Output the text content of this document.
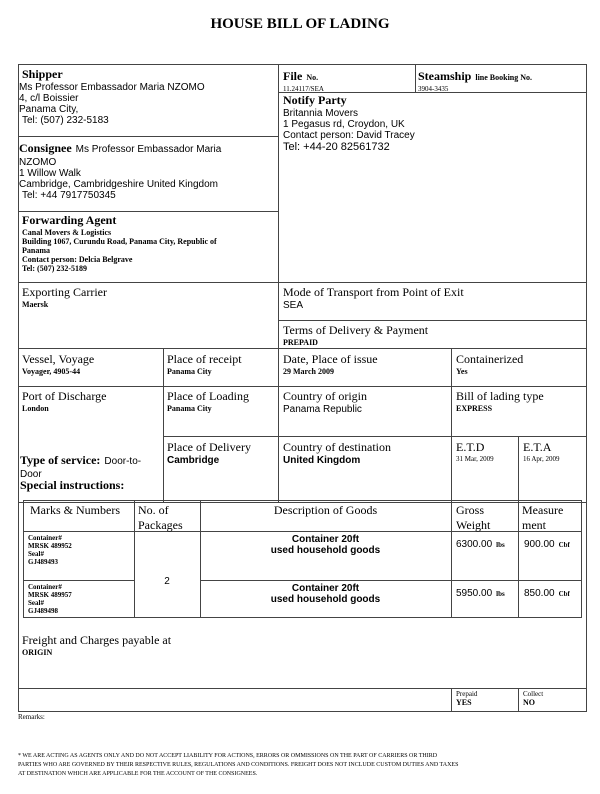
HOUSE BILL OF LADING
Shipper
Ms Professor Embassador Maria NZOMO
4, c/l Boissier
Panama City,
Tel: (507) 232-5183
File No.
11.24117/SEA
Steamship line Booking No.
3904-3435
Notify Party
Britannia Movers
1 Pegasus rd, Croydon, UK
Contact person: David Tracey
Tel: +44-20 82561732
Consignee Ms Professor Embassador Maria
NZOMO
1 Willow Walk
Cambridge, Cambridgeshire United Kingdom
Tel: +44 7917750345
Forwarding Agent
Canal Movers & Logistics
Building 1067, Curundu Road, Panama City, Republic of
Panama
Contact person: Delcia Belgrave
Tel: (507) 232-5189
Exporting Carrier
Maersk
Mode of Transport from Point of Exit
SEA
Terms of Delivery & Payment
PREPAID
Vessel, Voyage
Voyager, 4905-44
Place of receipt
Panama City
Date, Place of issue
29 March 2009
Containerized
Yes
Port of Discharge
London
Place of Loading
Panama City
Country of origin
Panama Republic
Bill of lading type
EXPRESS
Type of service: Door-to-
Door
Special instructions:
Place of Delivery
Cambridge
Country of destination
United Kingdom
E.T.D
31 Mar, 2009
E.T.A
16 Apr, 2009
Marks & Numbers No. of
Packages
Description of Goods	Gross
Weight
Measure
ment
Container#
MRSK 489952
Seal#
GJ489493
Container 20ft
used household goods
6300.00 lbs 900.00 Cbf
2
Container#
MRSK 489957
Seal#
GJ489498
Container 20ft
used household goods
5950.00 lbs 850.00 Cbf
Freight and Charges payable at
ORIGIN
Prepaid
YES
Collect
NO
Remarks:
* WE ARE ACTING AS AGENTS ONLY AND DO NOT ACCEPT LIABILITY FOR ACTIONS, ERRORS OR OMMISSIONS ON THE PART OF CARRIERS OR THIRD
PARTIES WHO ARE GOVERNED BY THEIR RESPECTIVE RULES, REGULATIONS AND CONDITIONS. FREIGHT DOES NOT INCLUDE CUSTOM DUTIES AND TAXES
AT DESTINATION WHICH ARE APPLICABLE FOR THE ACCOUNT OF THE CONSIGNEES.
